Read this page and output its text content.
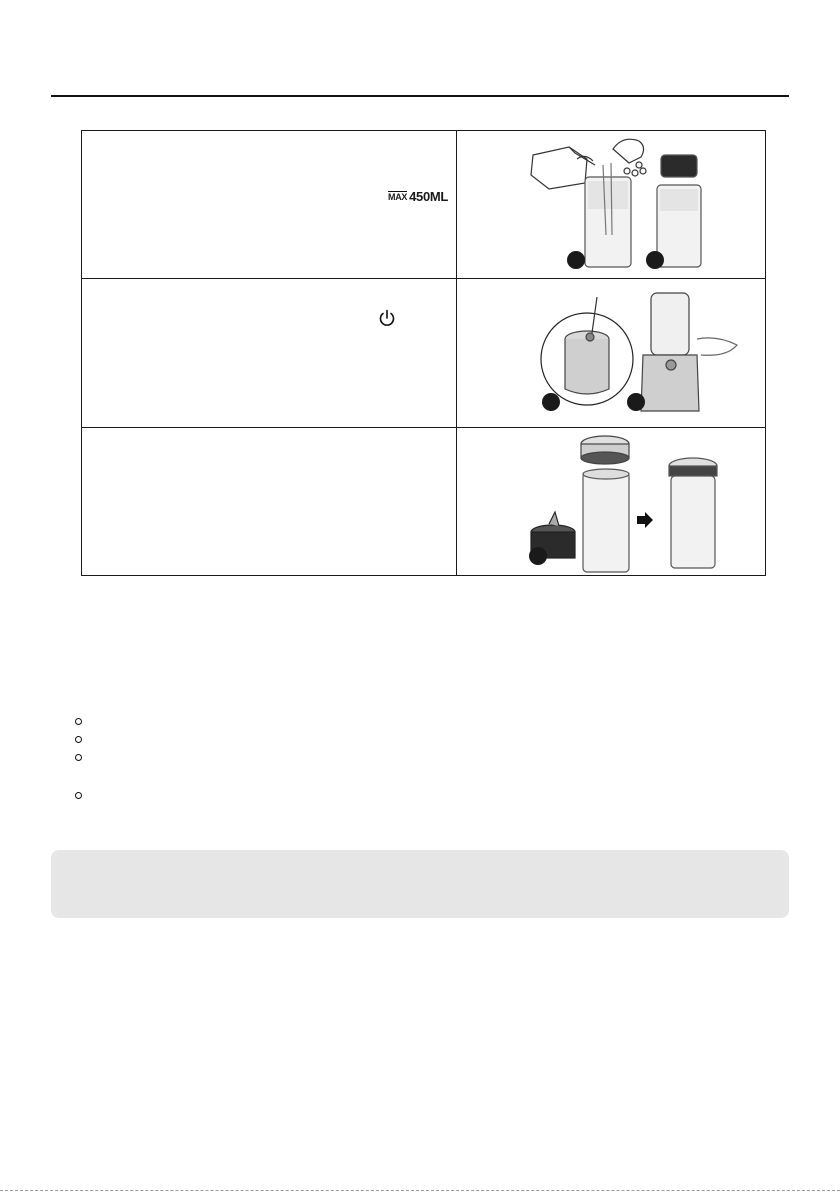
MAX 450ML
